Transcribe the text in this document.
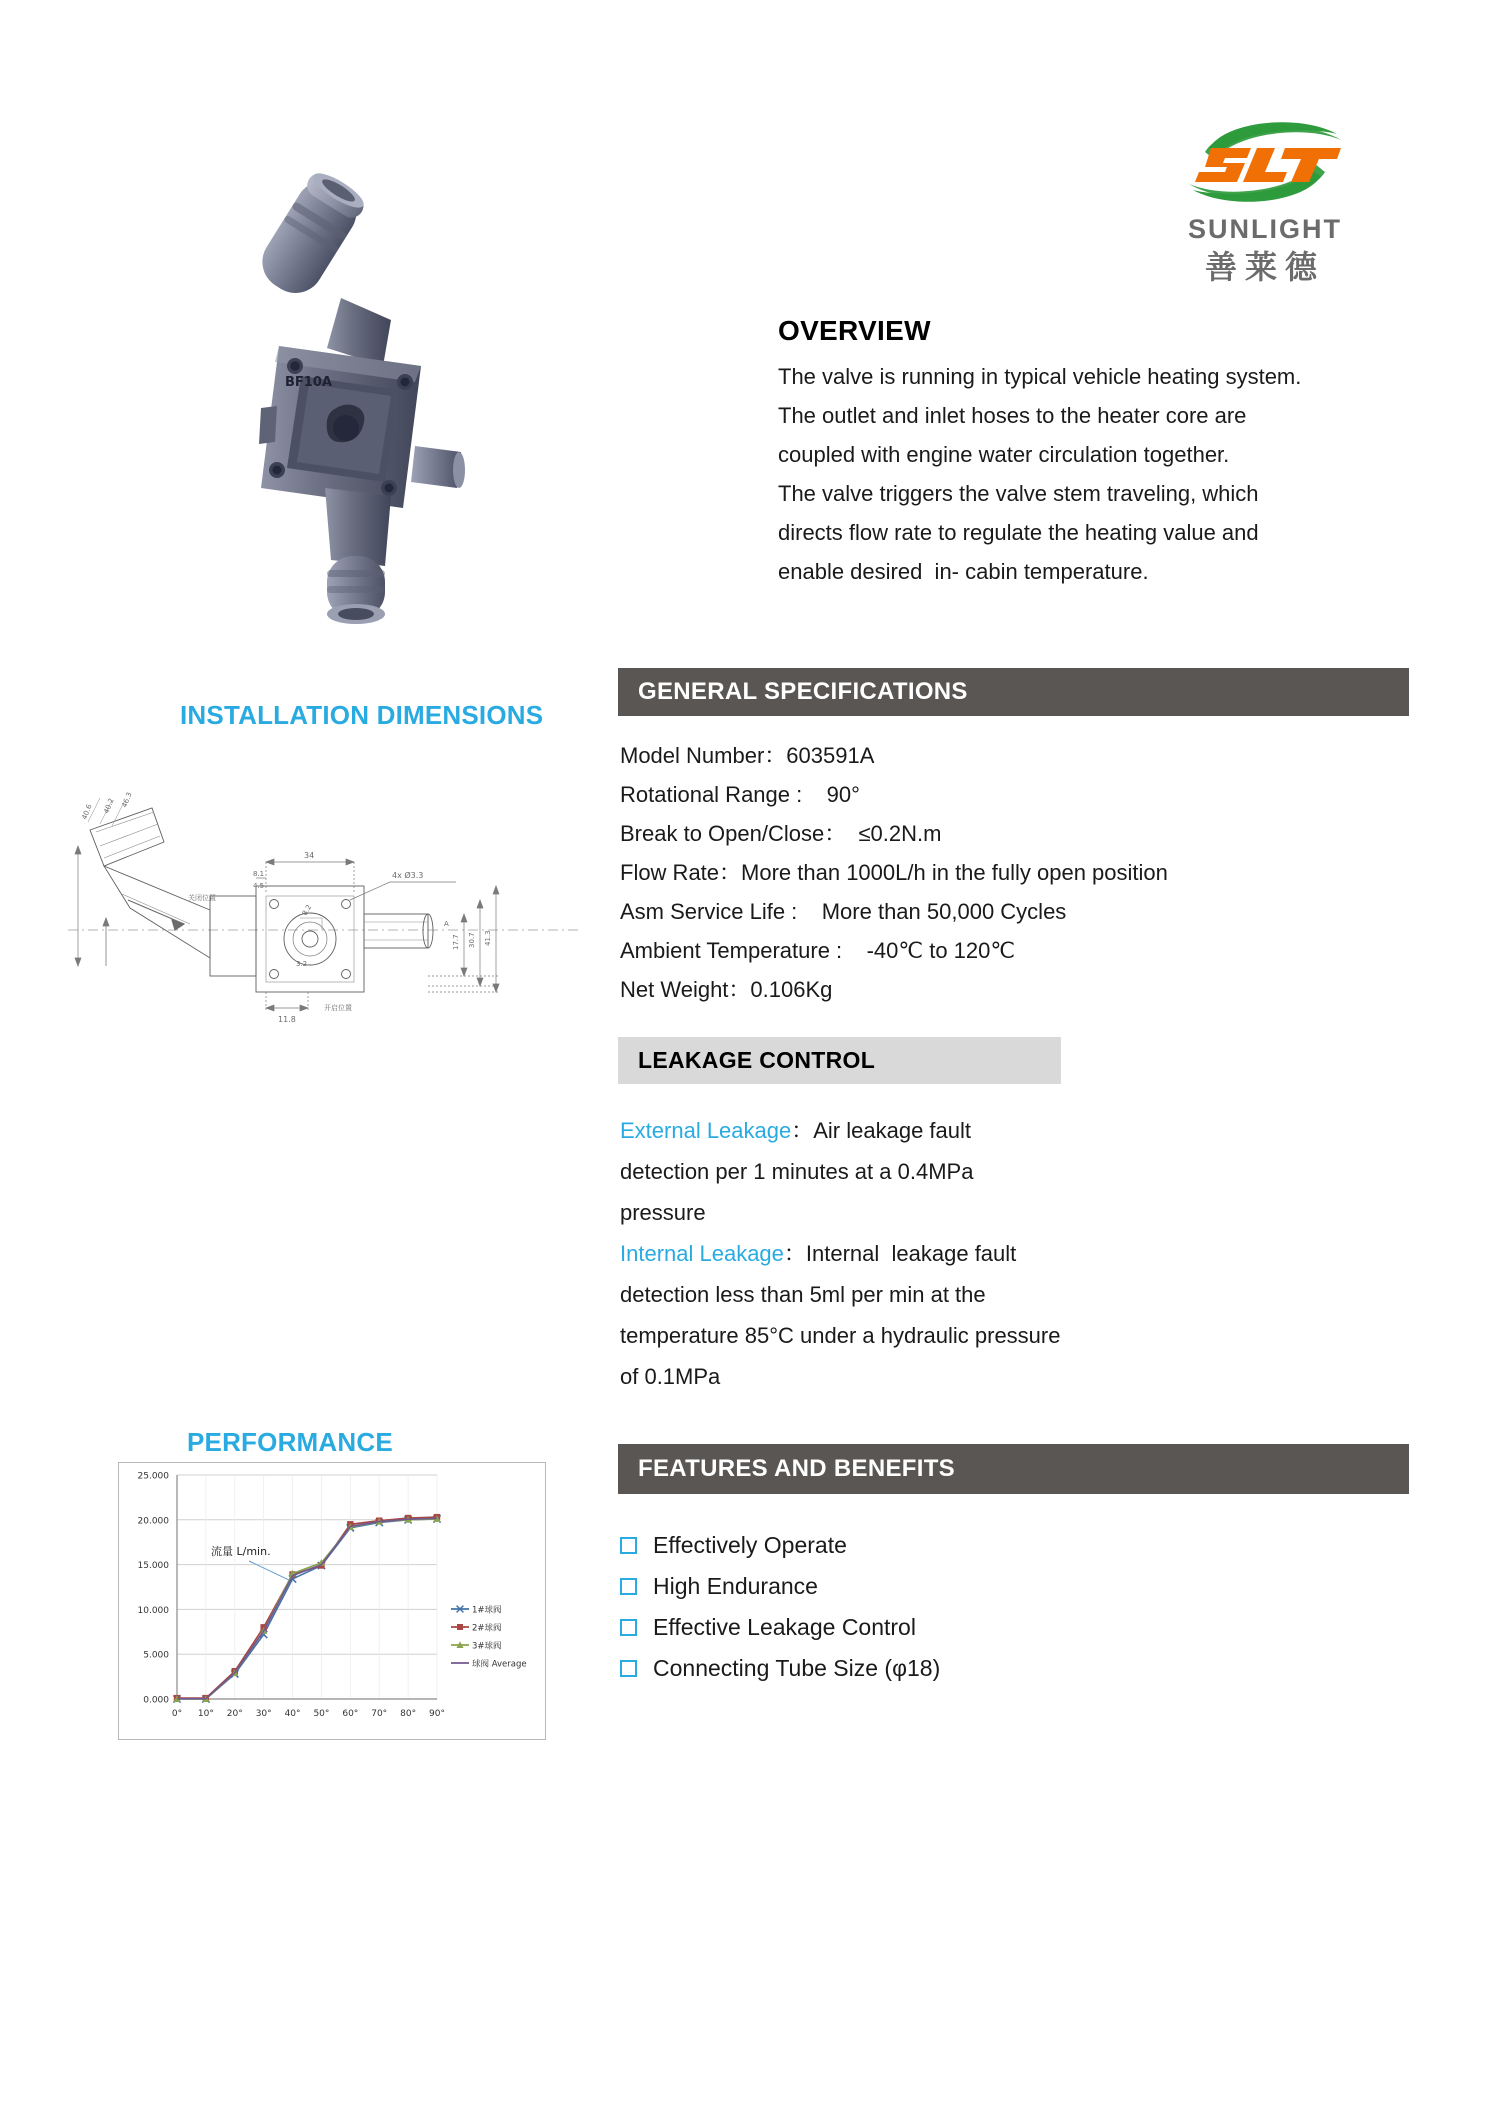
SUNLIGHT
善莱德
BF10A
OVERVIEW
The valve is running in typical vehicle heating system.
The outlet and inlet hoses to the heater core are
coupled with engine water circulation together.
The valve triggers the valve stem traveling, which
directs flow rate to regulate the heating value and
enable desired  in- cabin temperature.
INSTALLATION DIMENSIONS
40.6 40.2 46.3
关闭位置
8.2
3.2
34
8.1
4.5
4x Ø3.3
17.7 30.7 41.3
A
11.8
开启位置
GENERAL SPECIFICATIONS
Model Number：603591A
Rotational Range :    90°
Break to Open/Close：  ≤0.2N.m
Flow Rate：More than 1000L/h in the fully open position
Asm Service Life :    More than 50,000 Cycles
Ambient Temperature :    -40℃ to 120℃
Net Weight：0.106Kg
LEAKAGE CONTROL
External Leakage：Air leakage fault
detection per 1 minutes at a 0.4MPa
pressure
Internal Leakage：Internal  leakage fault
detection less than 5ml per min at the
temperature 85°C under a hydraulic pressure
of 0.1MPa
PERFORMANCE
0.000
5.000
10.000
15.000
20.000
25.000
0° 10° 20° 30° 40° 50° 60° 70° 80° 90°
流量 L/min.
1#球阀
2#球阀
3#球阀
球阀 Average
FEATURES AND BENEFITS
Effectively Operate
High Endurance
Effective Leakage Control
Connecting Tube Size (φ18)
